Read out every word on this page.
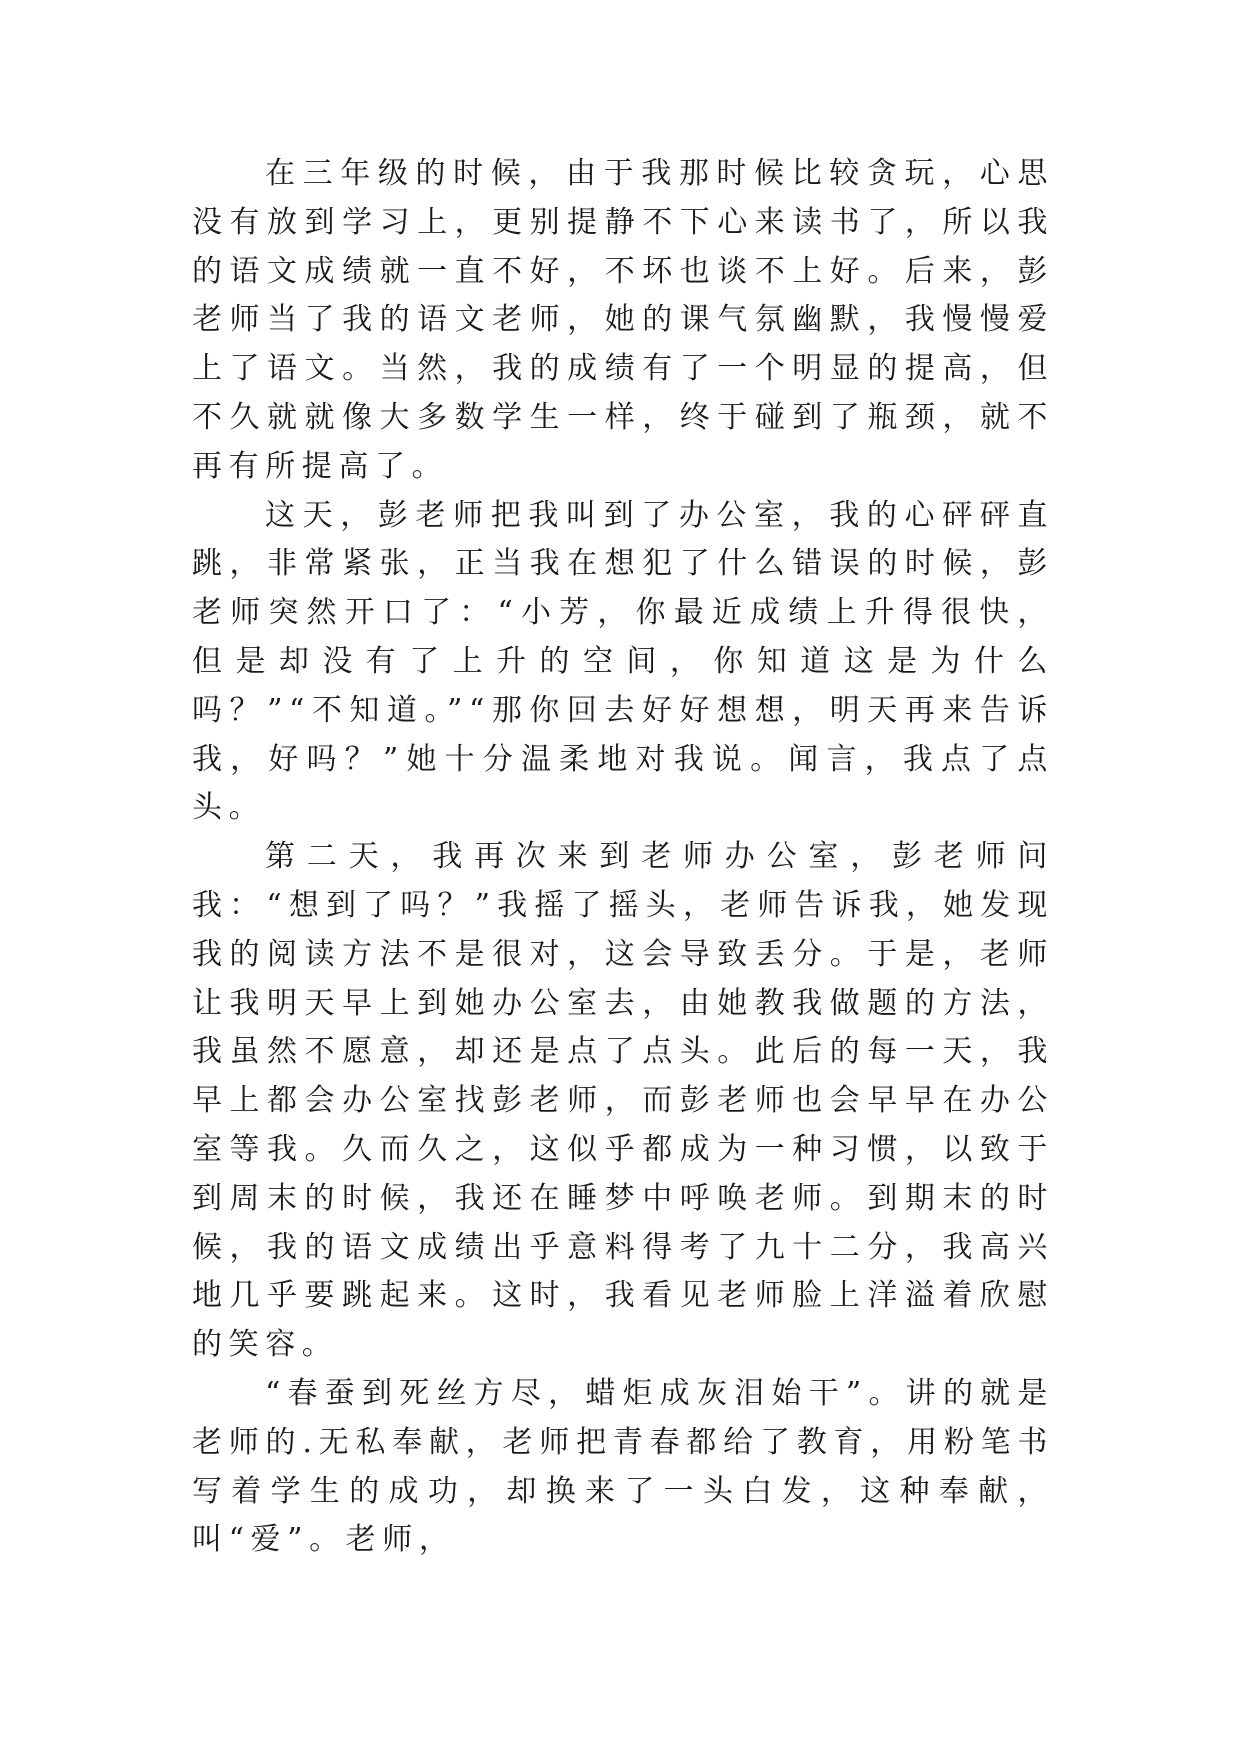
在三年级的时候，由于我那时候比较贪玩，心思没有放到学习上，更别提静不下心来读书了，所以我的语文成绩就一直不好，不坏也谈不上好。后来，彭老师当了我的语文老师，她的课气氛幽默，我慢慢爱上了语文。当然，我的成绩有了一个明显的提高，但不久就就像大多数学生一样，终于碰到了瓶颈，就不再有所提高了。

这天，彭老师把我叫到了办公室，我的心砰砰直跳，非常紧张，正当我在想犯了什么错误的时候，彭老师突然开口了：“小芳，你最近成绩上升得很快，但是却没有了上升的空间，你知道这是为什么吗？”“不知道。”“那你回去好好想想，明天再来告诉我，好吗？”她十分温柔地对我说。闻言，我点了点头。

第二天，我再次来到老师办公室，彭老师问我：“想到了吗？”我摇了摇头，老师告诉我，她发现我的阅读方法不是很对，这会导致丢分。于是，老师让我明天早上到她办公室去，由她教我做题的方法，我虽然不愿意，却还是点了点头。此后的每一天，我早上都会办公室找彭老师，而彭老师也会早早在办公室等我。久而久之，这似乎都成为一种习惯，以致于到周末的时候，我还在睡梦中呼唤老师。到期末的时候，我的语文成绩出乎意料得考了九十二分，我高兴地几乎要跳起来。这时，我看见老师脸上洋溢着欣慰的笑容。

“春蚕到死丝方尽，蜡炬成灰泪始干”。讲的就是老师的.无私奉献，老师把青春都给了教育，用粉笔书写着学生的成功，却换来了一头白发，这种奉献，叫“爱”。老师，
